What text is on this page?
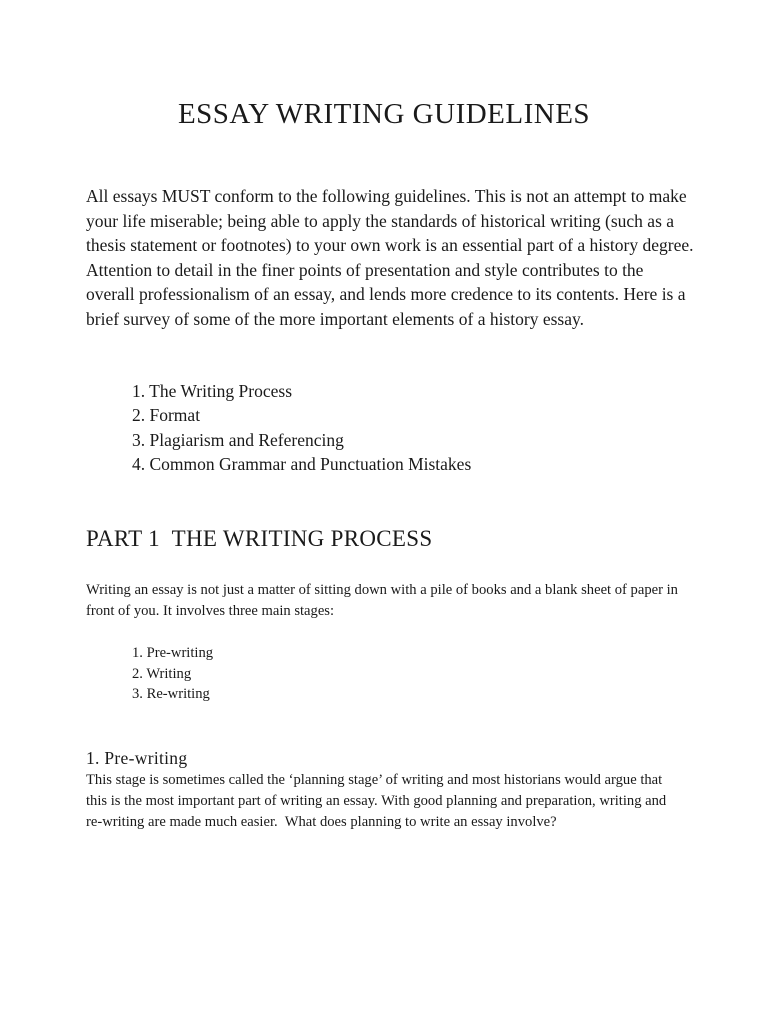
ESSAY WRITING GUIDELINES

All essays MUST conform to the following guidelines. This is not an attempt to make your life miserable; being able to apply the standards of historical writing (such as a thesis statement or footnotes) to your own work is an essential part of a history degree. Attention to detail in the finer points of presentation and style contributes to the overall professionalism of an essay, and lends more credence to its contents. Here is a brief survey of some of the more important elements of a history essay.

1. The Writing Process
2. Format
3. Plagiarism and Referencing
4. Common Grammar and Punctuation Mistakes
PART 1  THE WRITING PROCESS

Writing an essay is not just a matter of sitting down with a pile of books and a blank sheet of paper in front of you. It involves three main stages:

1. Pre-writing
2. Writing
3. Re-writing
1. Pre-writing

This stage is sometimes called the ‘planning stage’ of writing and most historians would argue that this is the most important part of writing an essay. With good planning and preparation, writing and re-writing are made much easier.  What does planning to write an essay involve?
